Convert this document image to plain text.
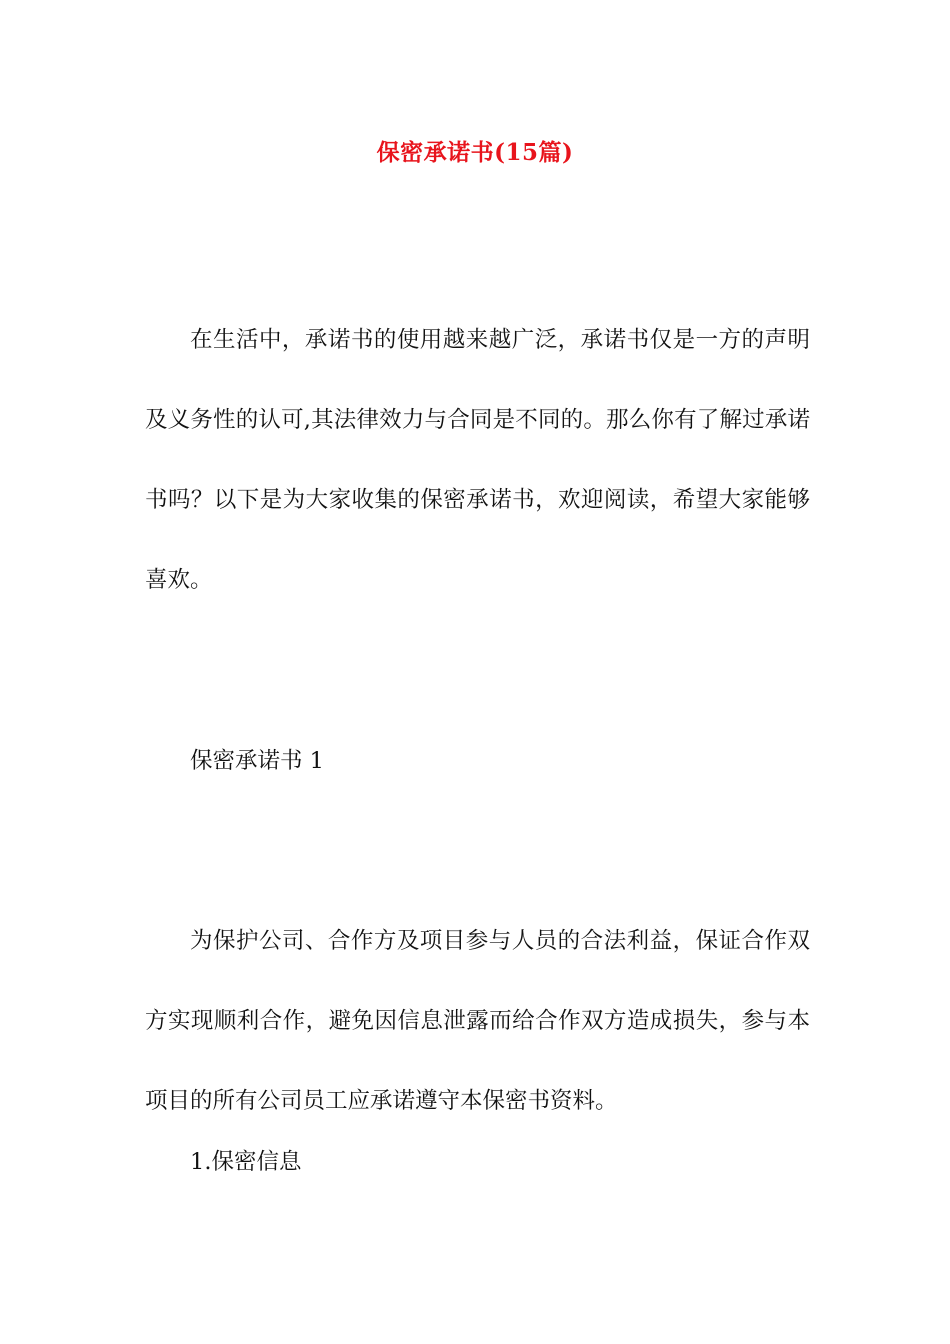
保密承诺书(15篇)

在生活中，承诺书的使用越来越广泛，承诺书仅是一方的声明及义务性的认可,其法律效力与合同是不同的。那么你有了解过承诺书吗？以下是为大家收集的保密承诺书，欢迎阅读，希望大家能够喜欢。

保密承诺书 1

为保护公司、合作方及项目参与人员的合法利益，保证合作双方实现顺利合作，避免因信息泄露而给合作双方造成损失，参与本项目的所有公司员工应承诺遵守本保密书资料。

1.保密信息
